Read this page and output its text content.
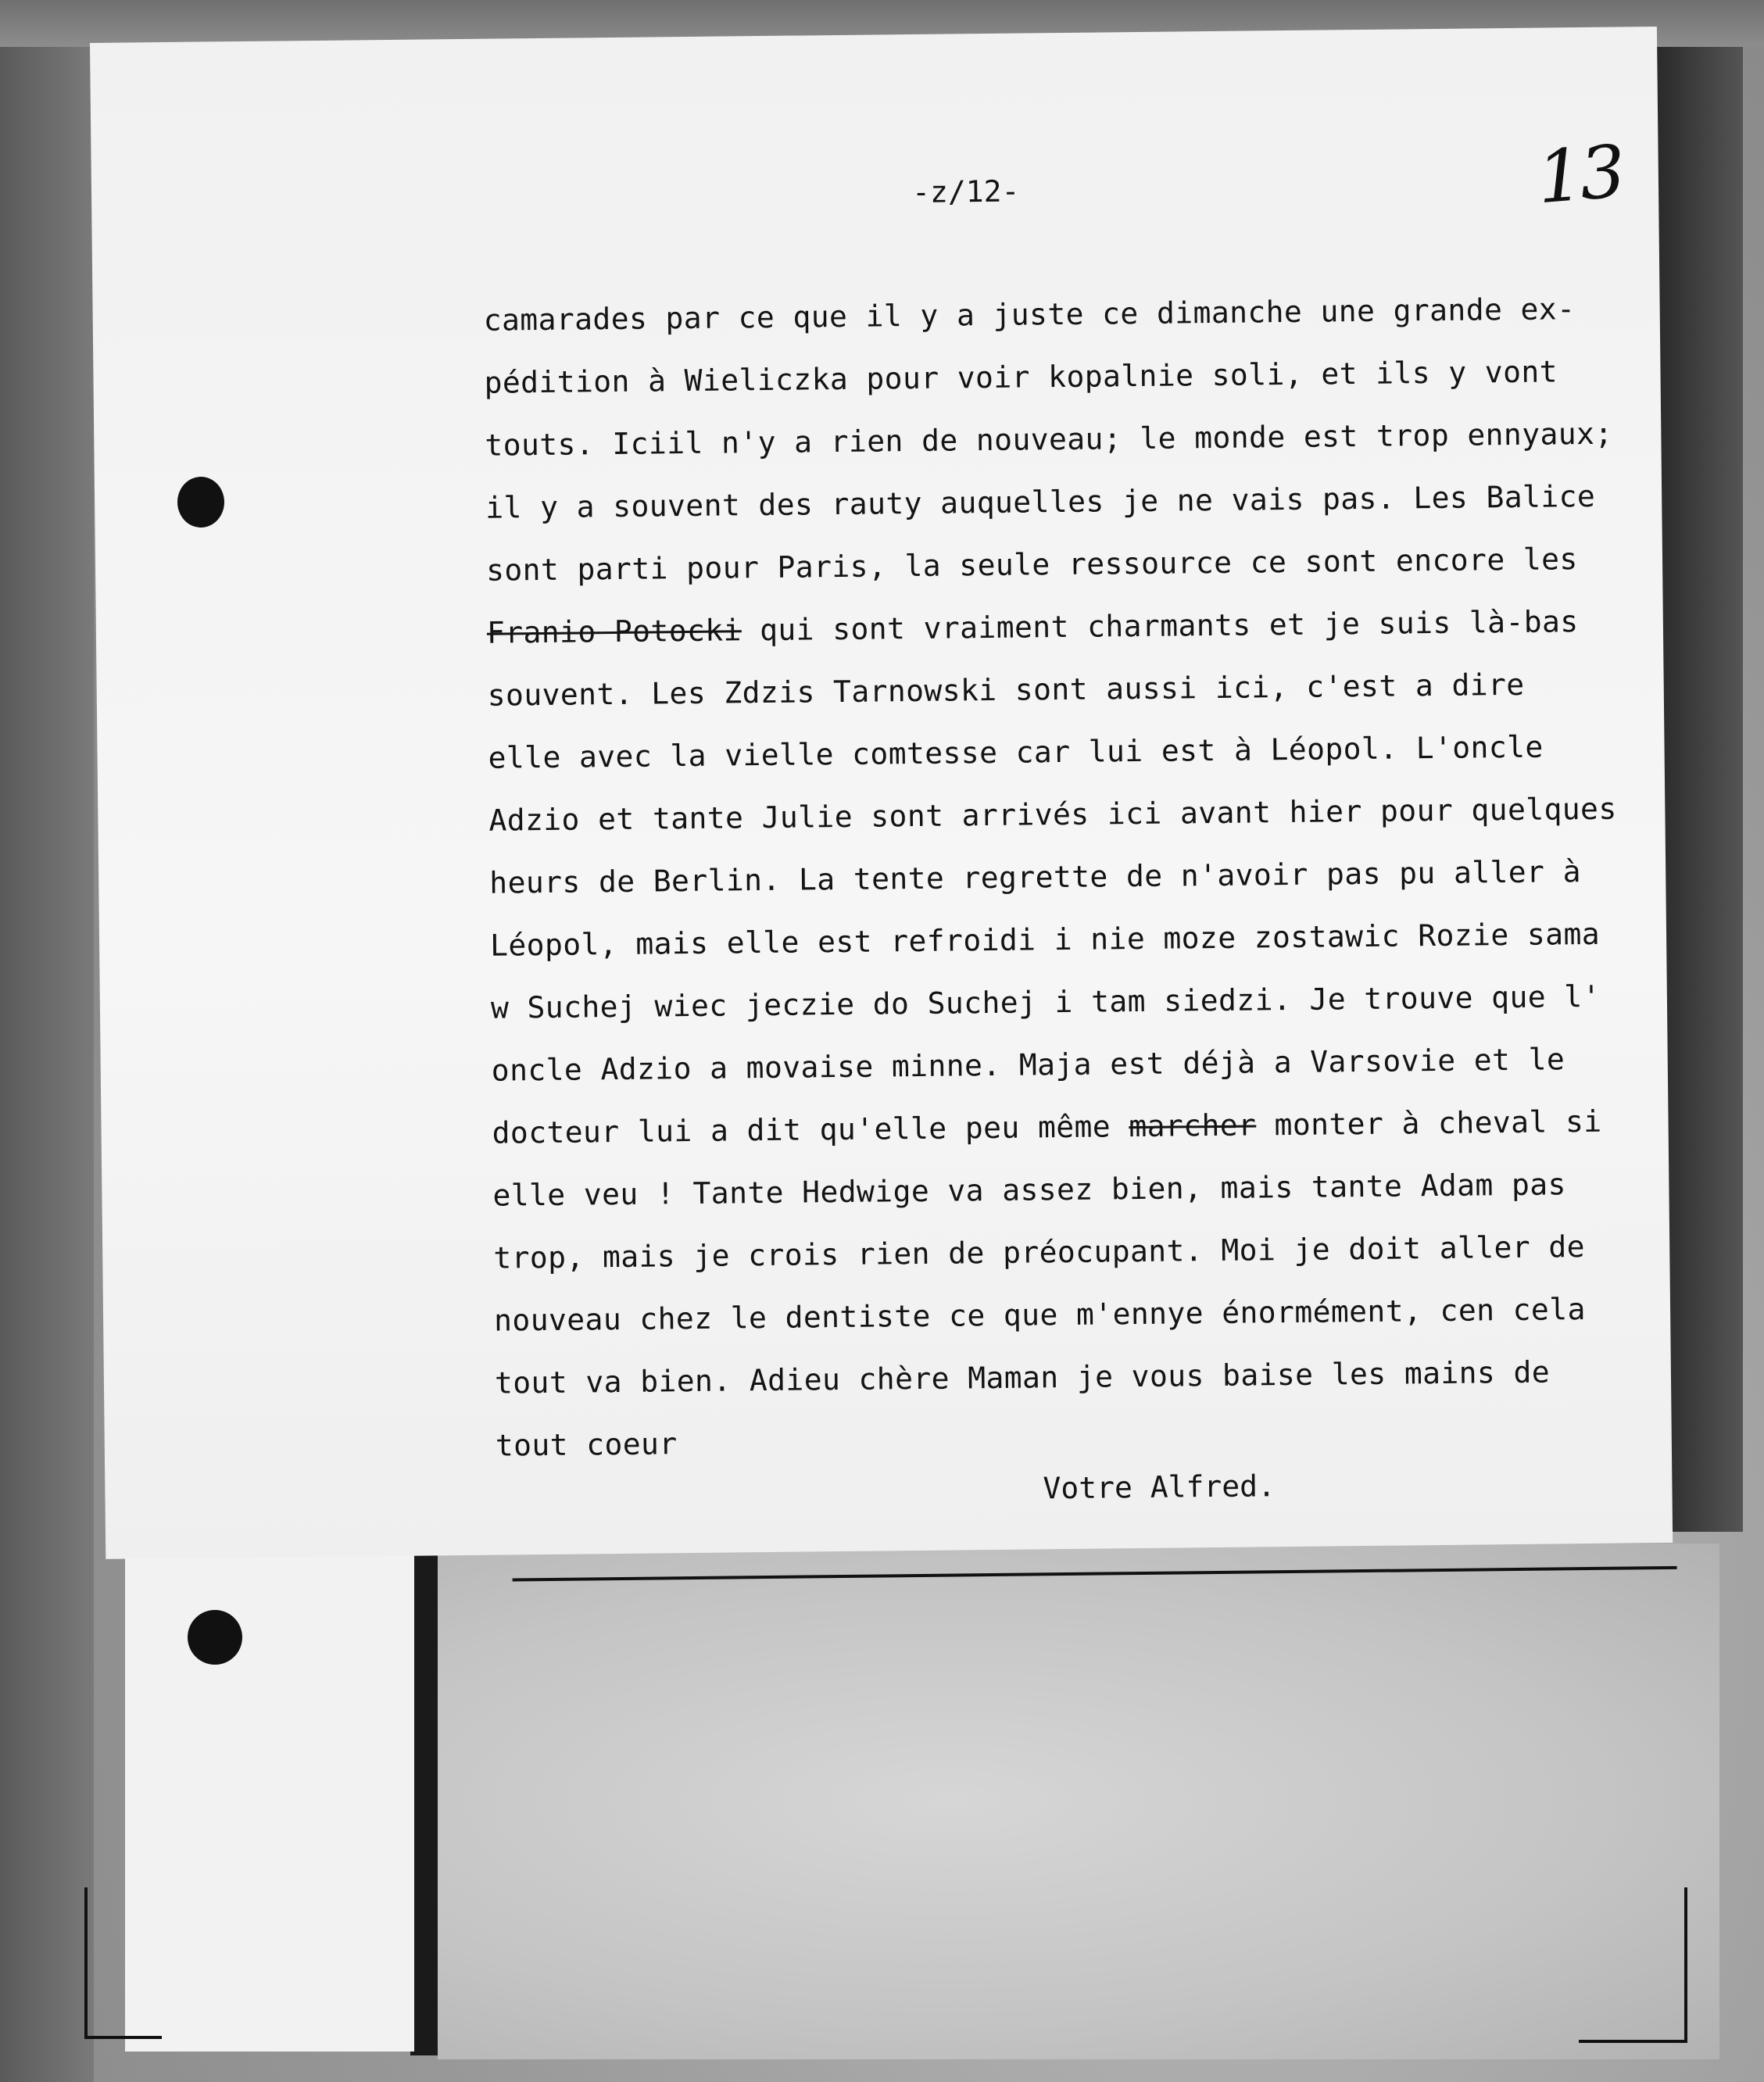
-z/12-	13
camarades par ce que il y a juste ce dimanche une grande ex-
pédition à Wieliczka pour voir kopalnie soli, et ils y vont
touts. Iciil n'y a rien de nouveau; le monde est trop ennyaux;
il y a souvent des rauty auquelles je ne vais pas. Les Balice
sont parti pour Paris, la seule ressource ce sont encore les
Franio Potocki qui sont vraiment charmants et je suis là-bas
souvent. Les Zdzis Tarnowski sont aussi ici, c'est a dire
elle avec la vielle comtesse car lui est à Léopol. L'oncle
Adzio et tante Julie sont arrivés ici avant hier pour quelques
heurs de Berlin. La tente regrette de n'avoir pas pu aller à
Léopol, mais elle est refroidi i nie moze zostawic Rozie sama
w Suchej wiec jeczie do Suchej i tam siedzi. Je trouve que l'
oncle Adzio a movaise minne. Maja est déjà a Varsovie et le
docteur lui a dit qu'elle peu même marcher monter à cheval si
elle veu ! Tante Hedwige va assez bien, mais tante Adam pas
trop, mais je crois rien de préocupant. Moi je doit aller de
nouveau chez le dentiste ce que m'ennye énormément, cen cela
tout va bien. Adieu chère Maman je vous baise les mains de
tout coeur
Votre Alfred.
